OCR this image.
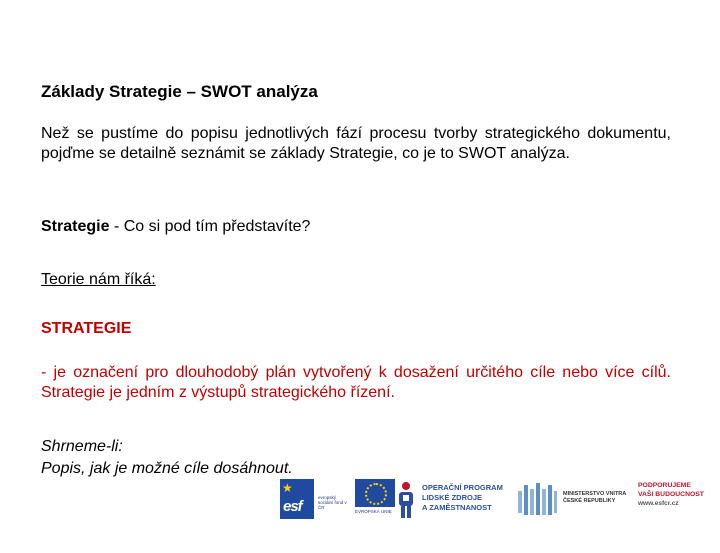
Základy Strategie – SWOT analýza
Než se pustíme do popisu jednotlivých fází procesu tvorby strategického dokumentu, pojďme se detailně seznámit se základy Strategie, co je to SWOT analýza.
Strategie - Co si pod tím představíte?
Teorie nám říká:
STRATEGIE
- je označení pro dlouhodobý plán vytvořený k dosažení určitého cíle nebo více cílů. Strategie je jedním z výstupů strategického řízení.
Shrneme-li:
Popis, jak je možné cíle dosáhnout.
★
esf
evropský sociální fond v ČR
EVROPSKÁ UNIE
OPERAČNÍ PROGRAM
LIDSKÉ ZDROJE
A ZAMĚSTNANOST
MINISTERSTVO VNITRA
ČESKÉ REPUBLIKY
PODPORUJEME
VAŠI BUDOUCNOST
www.esfcr.cz
